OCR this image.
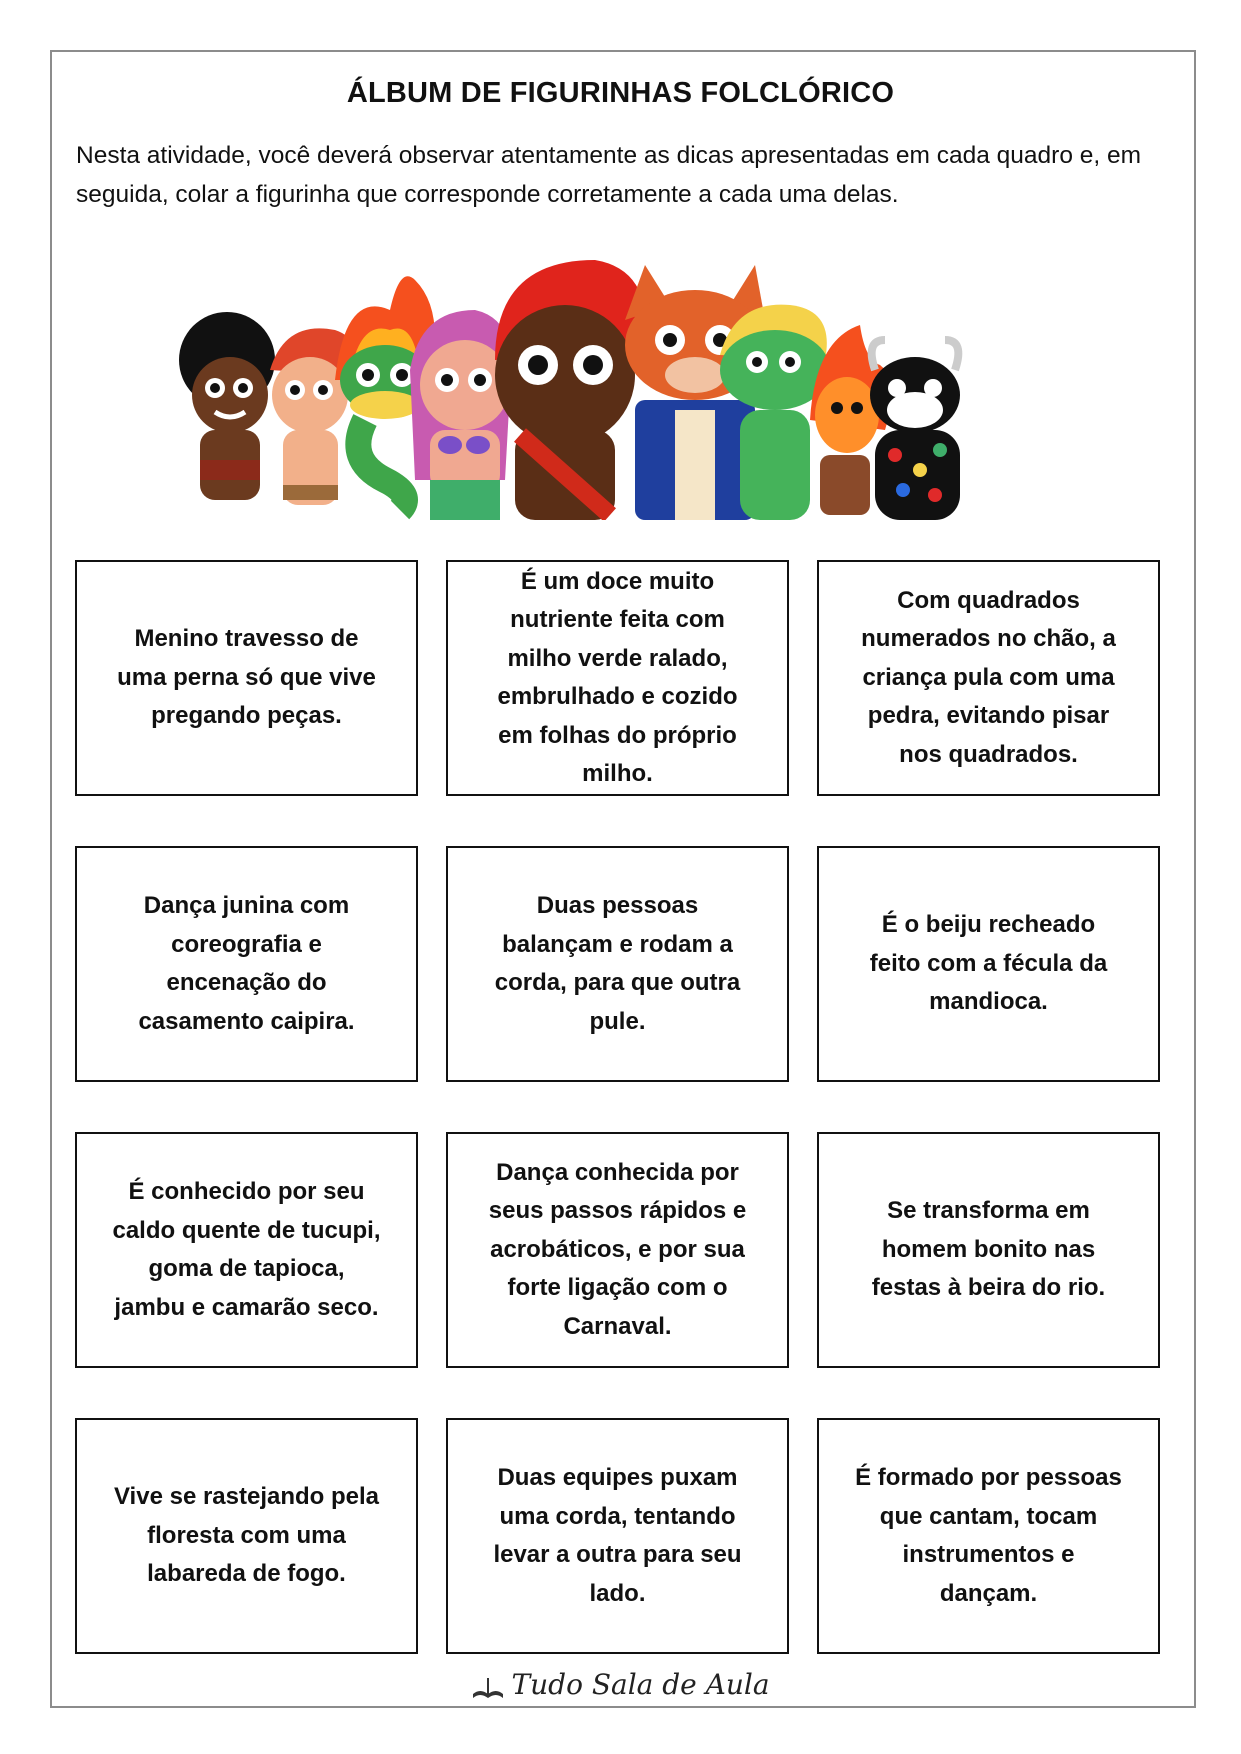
ÁLBUM DE FIGURINHAS FOLCLÓRICO
Nesta atividade, você deverá observar atentamente as dicas apresentadas em cada quadro e, em seguida, colar a figurinha que corresponde corretamente a cada uma delas.
Menino travesso de uma perna só que vive pregando peças.
É um doce muito nutriente feita com milho verde ralado, embrulhado e cozido em folhas do próprio milho.
Com quadrados numerados no chão, a criança pula com uma pedra, evitando pisar nos quadrados.
Dança junina com coreografia e encenação do casamento caipira.
Duas pessoas balançam e rodam a corda, para que outra pule.
É o beiju recheado feito com a fécula da mandioca.
É conhecido por seu caldo quente de tucupi, goma de tapioca, jambu e camarão seco.
Dança conhecida por seus passos rápidos e acrobáticos, e por sua forte ligação com o Carnaval.
Se transforma em homem bonito nas festas à beira do rio.
Vive se rastejando pela floresta com uma labareda de fogo.
Duas equipes puxam uma corda, tentando levar a outra para seu lado.
É formado por pessoas que cantam, tocam instrumentos e dançam.
Tudo Sala de Aula
